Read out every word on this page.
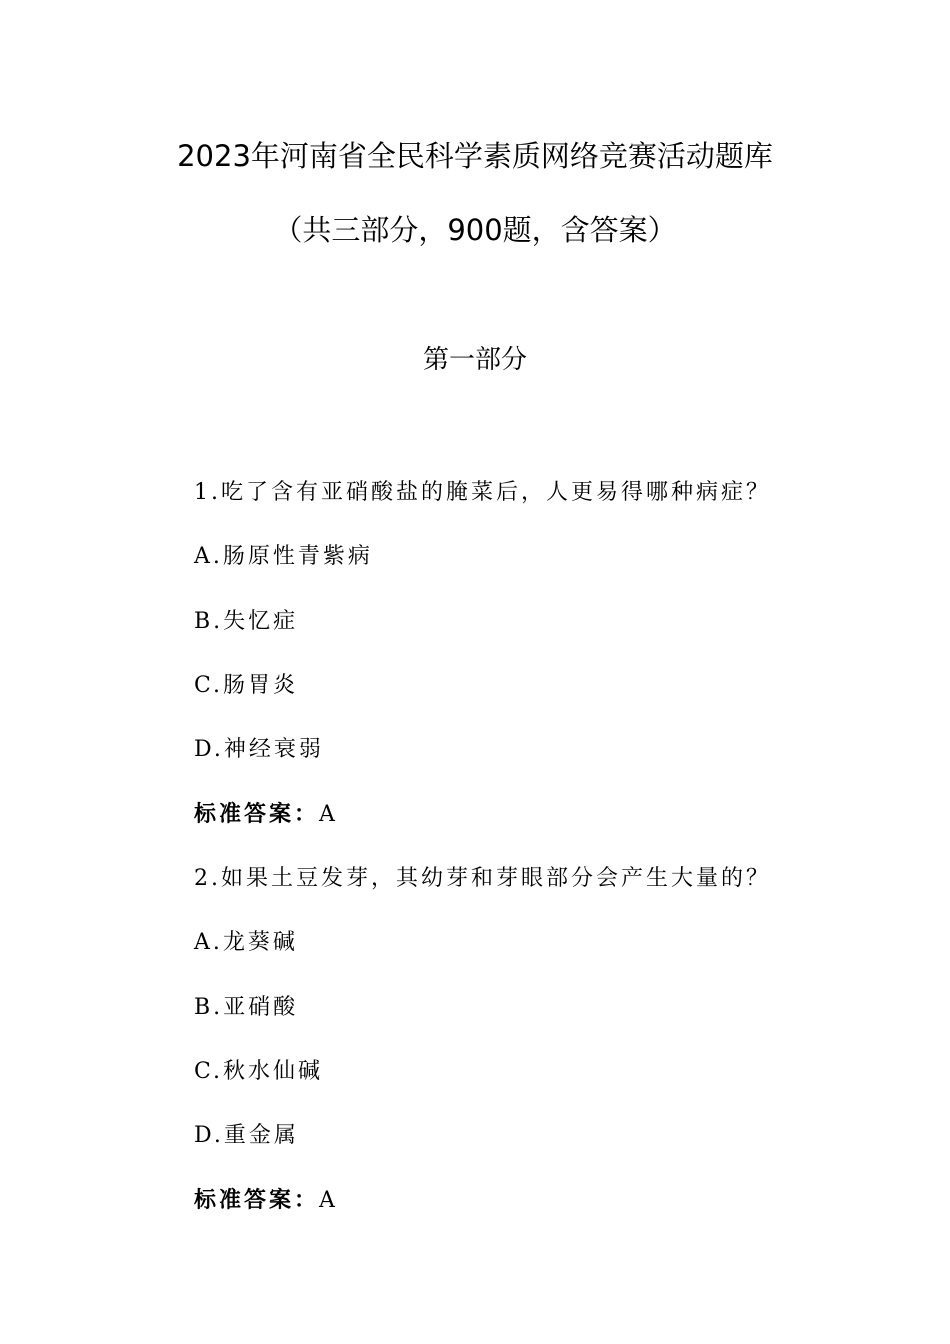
2023年河南省全民科学素质网络竞赛活动题库
（共三部分，900题，含答案）
第一部分
1.吃了含有亚硝酸盐的腌菜后，人更易得哪种病症？
A.肠原性青紫病
B.失忆症
C.肠胃炎
D.神经衰弱
标准答案：A
2.如果土豆发芽，其幼芽和芽眼部分会产生大量的？
A.龙葵碱
B.亚硝酸
C.秋水仙碱
D.重金属
标准答案：A
